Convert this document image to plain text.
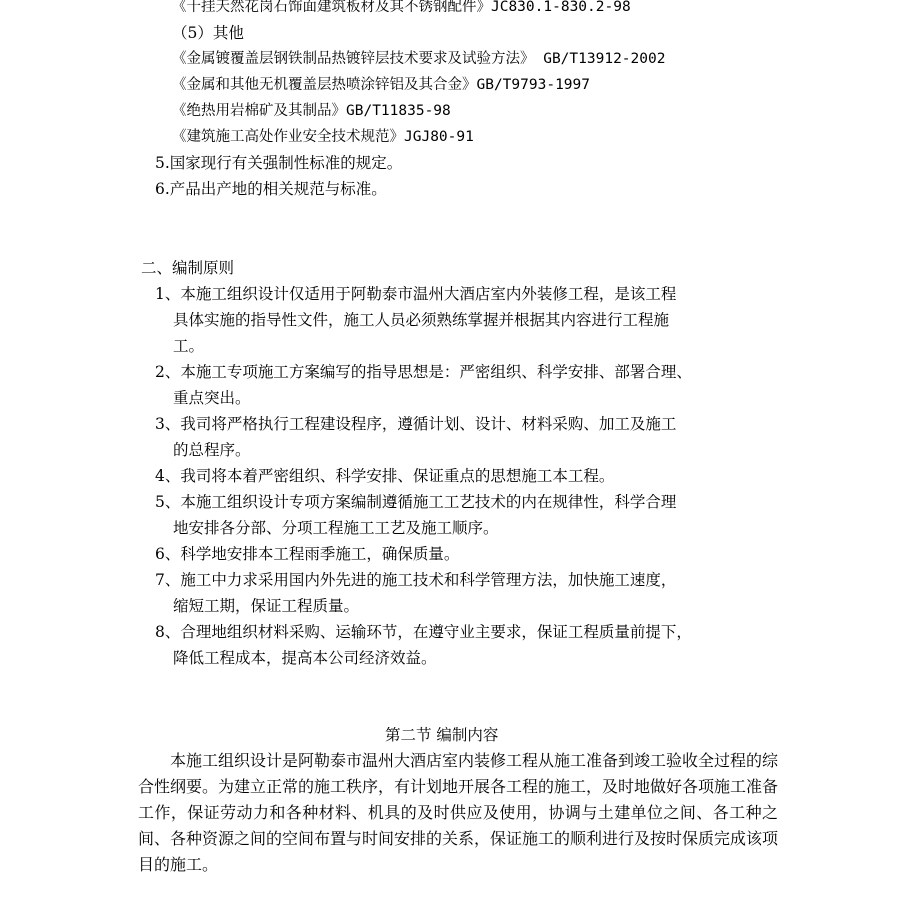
《干挂天然花岗石饰面建筑板材及其不锈钢配件》JC830.1-830.2-98
（5）其他
《金属镀覆盖层钢铁制品热镀锌层技术要求及试验方法》 GB/T13912-2002
《金属和其他无机覆盖层热喷涂锌铝及其合金》GB/T9793-1997
《绝热用岩棉矿及其制品》GB/T11835-98
《建筑施工高处作业安全技术规范》JGJ80-91
5.国家现行有关强制性标准的规定。
6.产品出产地的相关规范与标准。
二、编制原则
1、本施工组织设计仅适用于阿勒泰市温州大酒店室内外装修工程，是该工程
具体实施的指导性文件，施工人员必须熟练掌握并根据其内容进行工程施
工。
2、本施工专项施工方案编写的指导思想是：严密组织、科学安排、部署合理、
重点突出。
3、我司将严格执行工程建设程序，遵循计划、设计、材料采购、加工及施工
的总程序。
4、我司将本着严密组织、科学安排、保证重点的思想施工本工程。
5、本施工组织设计专项方案编制遵循施工工艺技术的内在规律性，科学合理
地安排各分部、分项工程施工工艺及施工顺序。
6、科学地安排本工程雨季施工，确保质量。
7、施工中力求采用国内外先进的施工技术和科学管理方法，加快施工速度，
缩短工期，保证工程质量。
8、合理地组织材料采购、运输环节，在遵守业主要求，保证工程质量前提下，
降低工程成本，提高本公司经济效益。
第二节 编制内容
本施工组织设计是阿勒泰市温州大酒店室内装修工程从施工准备到竣工验收全过程的综合性纲要。为建立正常的施工秩序，有计划地开展各工程的施工，及时地做好各项施工准备工作，保证劳动力和各种材料、机具的及时供应及使用，协调与土建单位之间、各工种之间、各种资源之间的空间布置与时间安排的关系，保证施工的顺利进行及按时保质完成该项目的施工。
